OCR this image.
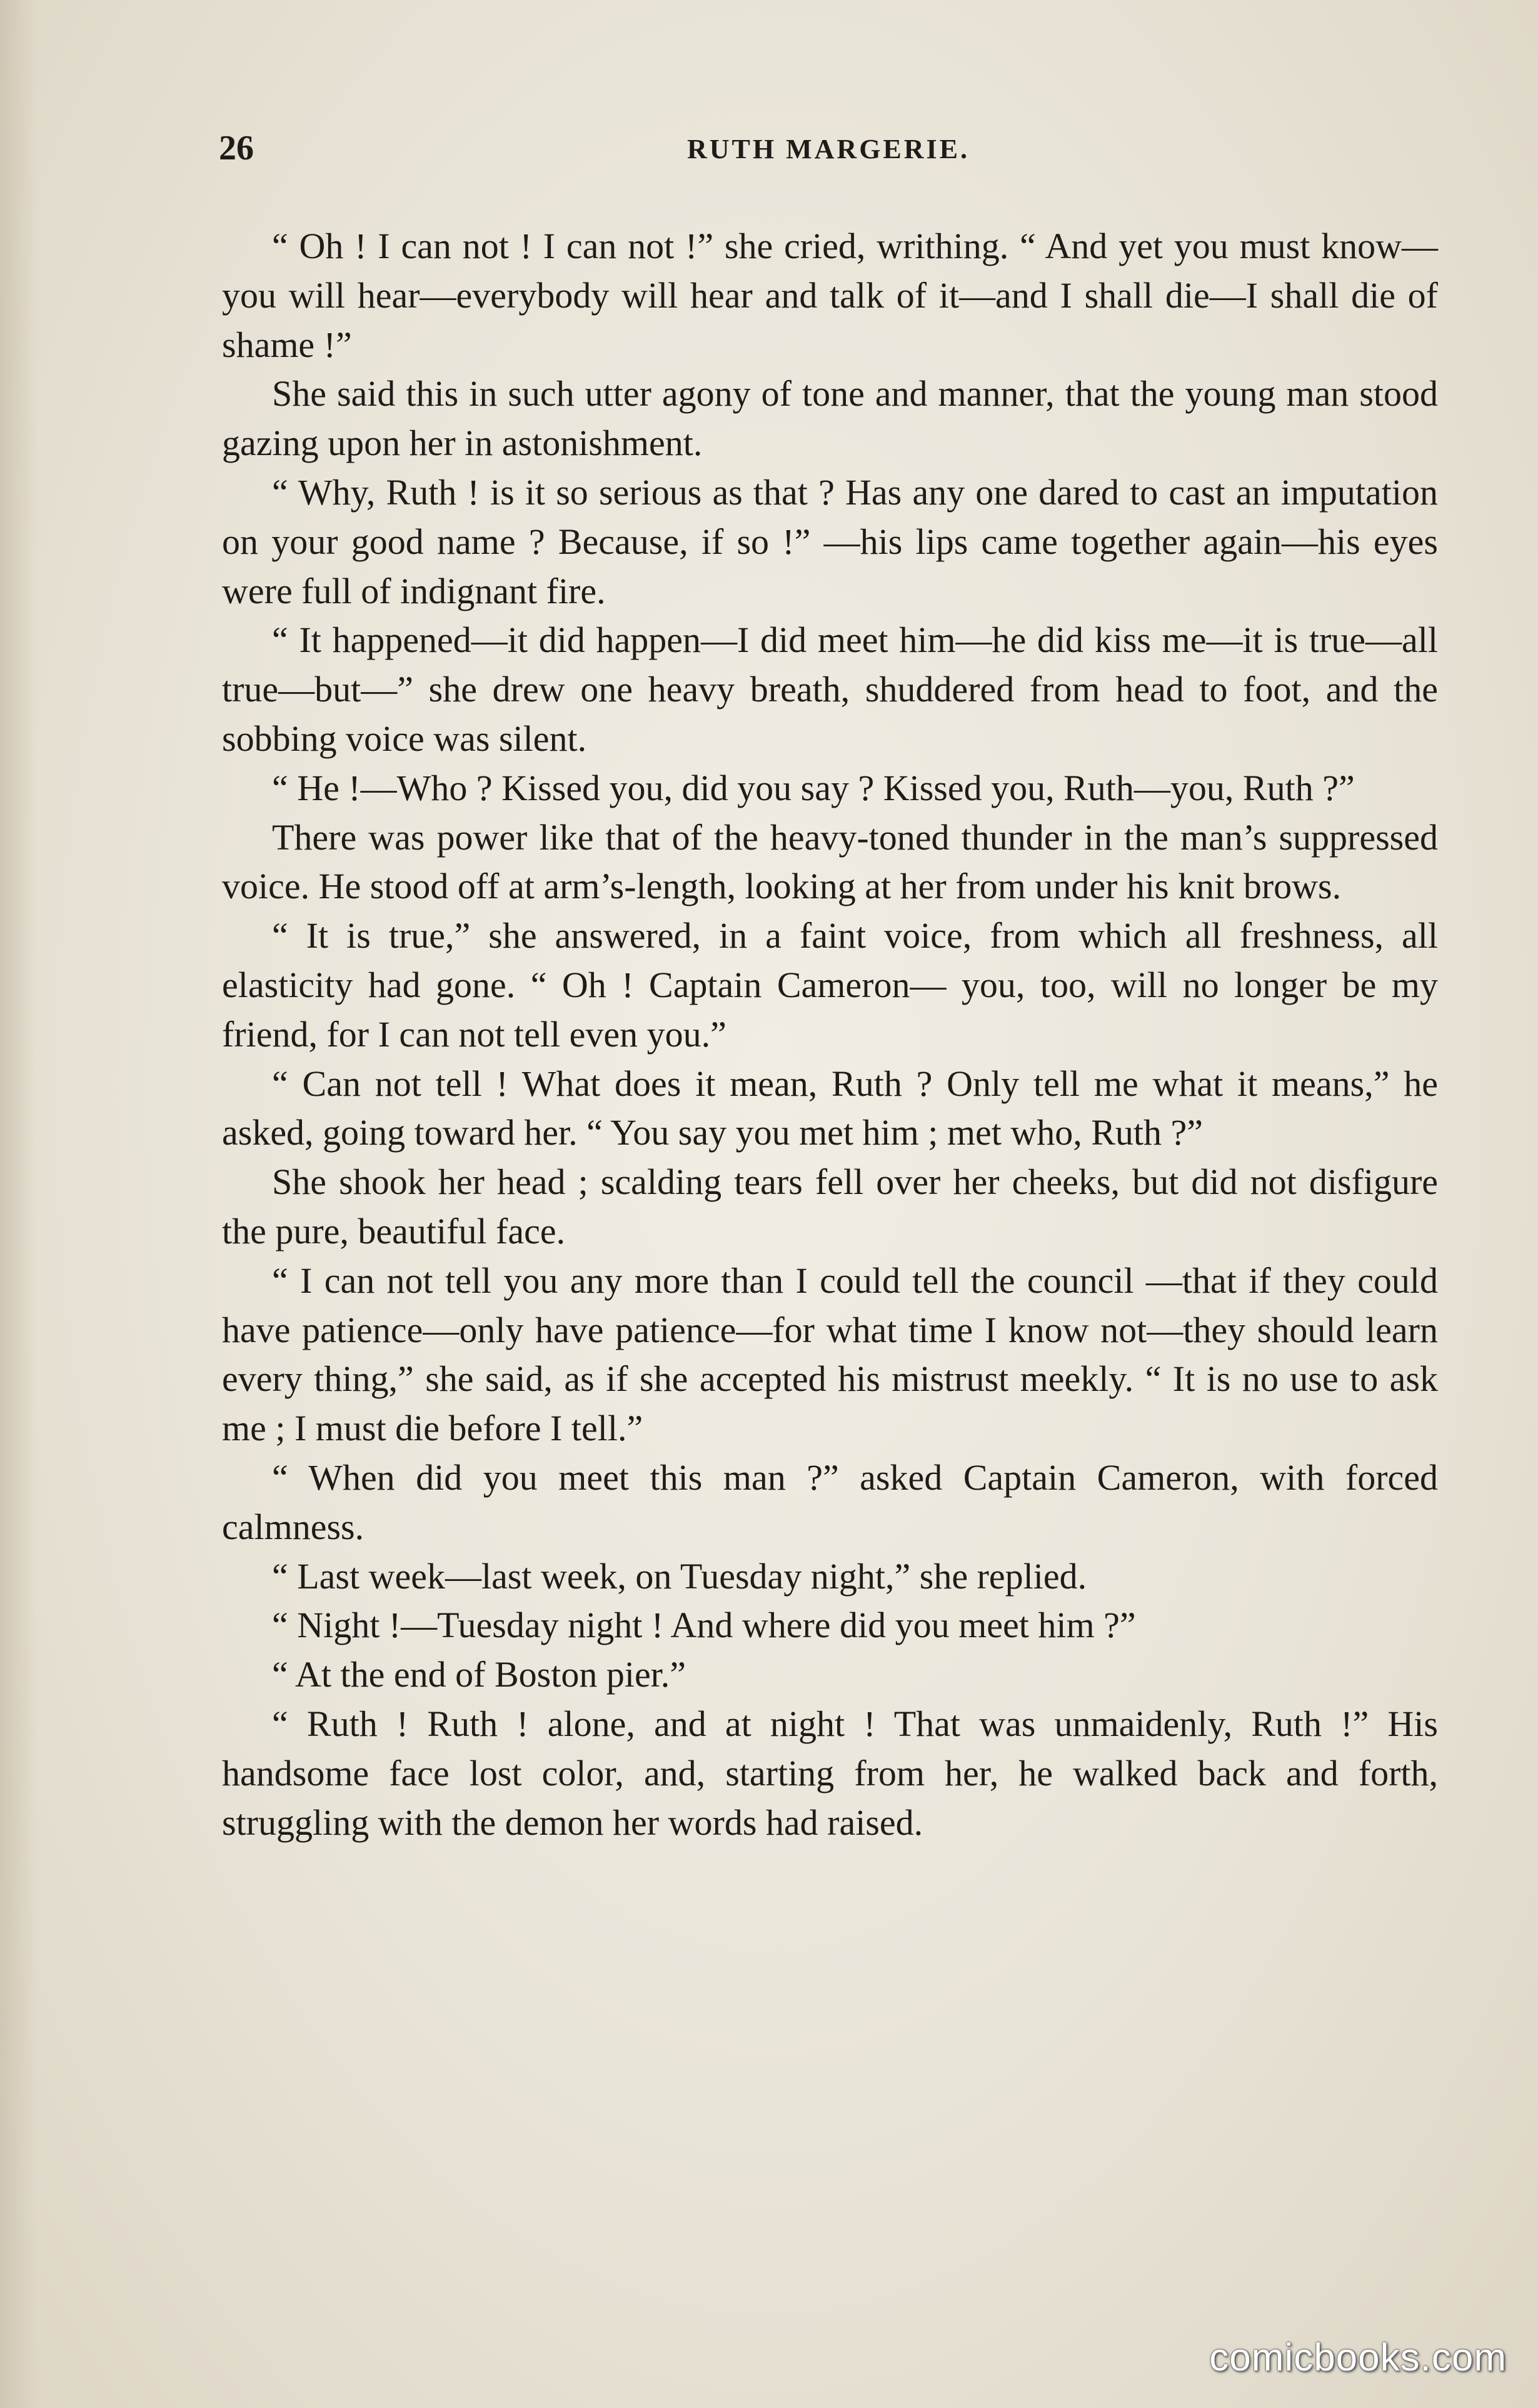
26	RUTH MARGERIE.

“ Oh ! I can not ! I can not !” she cried, writhing. “ And yet you must know—you will hear—everybody will hear and talk of it—and I shall die—I shall die of shame !”

She said this in such utter agony of tone and manner, that the young man stood gazing upon her in astonishment.

“ Why, Ruth ! is it so serious as that ? Has any one dared to cast an imputation on your good name ? Because, if so !” —his lips came together again—his eyes were full of indignant fire.

“ It happened—it did happen—I did meet him—he did kiss me—it is true—all true—but—” she drew one heavy breath, shuddered from head to foot, and the sobbing voice was silent.

“ He !—Who ? Kissed you, did you say ? Kissed you, Ruth—you, Ruth ?”

There was power like that of the heavy-toned thunder in the man’s suppressed voice. He stood off at arm’s-length, looking at her from under his knit brows.

“ It is true,” she answered, in a faint voice, from which all freshness, all elasticity had gone. “ Oh ! Captain Cameron— you, too, will no longer be my friend, for I can not tell even you.”

“ Can not tell ! What does it mean, Ruth ? Only tell me what it means,” he asked, going toward her. “ You say you met him ; met who, Ruth ?”

She shook her head ; scalding tears fell over her cheeks, but did not disfigure the pure, beautiful face.

“ I can not tell you any more than I could tell the council —that if they could have patience—only have patience—for what time I know not—they should learn every thing,” she said, as if she accepted his mistrust meekly. “ It is no use to ask me ; I must die before I tell.”

“ When did you meet this man ?” asked Captain Cameron, with forced calmness.

“ Last week—last week, on Tuesday night,” she replied.

“ Night !—Tuesday night ! And where did you meet him ?”

“ At the end of Boston pier.”

“ Ruth ! Ruth ! alone, and at night ! That was unmaidenly, Ruth !” His handsome face lost color, and, starting from her, he walked back and forth, struggling with the demon her words had raised.

comicbooks.com
